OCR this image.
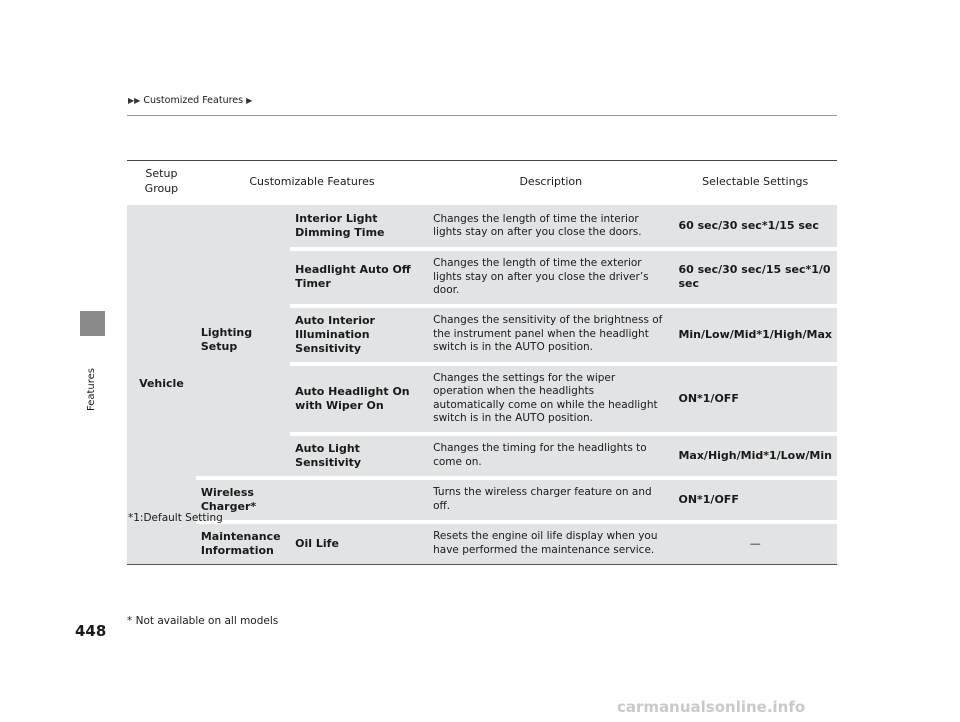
Features
▶▶ Customized Features ▶
Setup Group	Customizable Features		Description	Selectable Settings
Vehicle	Lighting Setup	Interior Light Dimming Time	Changes the length of time the interior lights stay on after you close the doors.	60 sec/30 sec*1/15 sec
		Headlight Auto Off Timer	Changes the length of time the exterior lights stay on after you close the driver’s door.	60 sec/30 sec/15 sec*1/0 sec
		Auto Interior Illumination Sensitivity	Changes the sensitivity of the brightness of the instrument panel when the headlight switch is in the AUTO position.	Min/Low/Mid*1/High/Max
		Auto Headlight On with Wiper On	Changes the settings for the wiper operation when the headlights automatically come on while the headlight switch is in the AUTO position.	ON*1/OFF
		Auto Light Sensitivity	Changes the timing for the headlights to come on.	Max/High/Mid*1/Low/Min
	Wireless Charger*		Turns the wireless charger feature on and off.	ON*1/OFF
	Maintenance Information	Oil Life	Resets the engine oil life display when you have performed the maintenance service.	—
*1:Default Setting
448
* Not available on all models
carmanualsonline.info
